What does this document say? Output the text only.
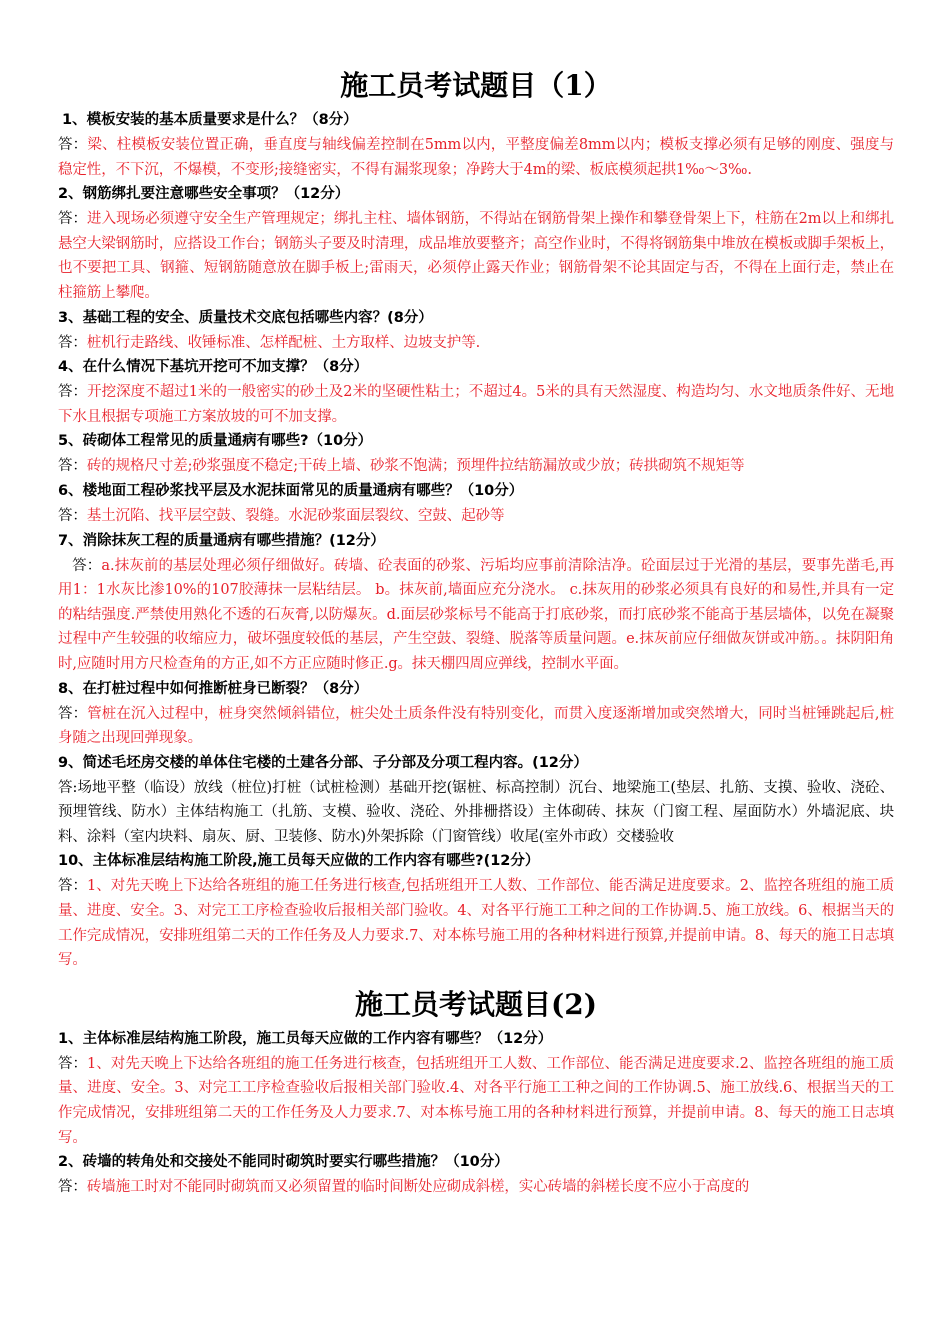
施工员考试题目（1）
1、模板安装的基本质量要求是什么？（8分）
答：梁、柱模板安装位置正确，垂直度与轴线偏差控制在5mm以内，平整度偏差8mm以内；模板支撑必须有足够的刚度、强度与稳定性，不下沉，不爆模，不变形;接缝密实，不得有漏浆现象；净跨大于4m的梁、板底模须起拱1‰～3‰.
2、钢筋绑扎要注意哪些安全事项？（12分）
答：进入现场必须遵守安全生产管理规定；绑扎主柱、墙体钢筋，不得站在钢筋骨架上操作和攀登骨架上下，柱筋在2m以上和绑扎悬空大梁钢筋时，应搭设工作台；钢筋头子要及时清理，成品堆放要整齐；高空作业时，不得将钢筋集中堆放在模板或脚手架板上，也不要把工具、钢箍、短钢筋随意放在脚手板上;雷雨天，必须停止露天作业；钢筋骨架不论其固定与否，不得在上面行走，禁止在柱箍筋上攀爬。
3、基础工程的安全、质量技术交底包括哪些内容？(8分）
答：桩机行走路线、收锤标准、怎样配桩、土方取样、边坡支护等.
4、在什么情况下基坑开挖可不加支撑？（8分）
答：开挖深度不超过1米的一般密实的砂土及2米的坚硬性粘土；不超过4。5米的具有天然湿度、构造均匀、水文地质条件好、无地下水且根据专项施工方案放坡的可不加支撑。
5、砖砌体工程常见的质量通病有哪些?（10分）
答：砖的规格尺寸差;砂浆强度不稳定;干砖上墙、砂浆不饱满；预埋件拉结筋漏放或少放；砖拱砌筑不规矩等
6、楼地面工程砂浆找平层及水泥抹面常见的质量通病有哪些？（10分）
答：基土沉陷、找平层空鼓、裂缝。水泥砂浆面层裂纹、空鼓、起砂等
7、消除抹灰工程的质量通病有哪些措施？(12分）
答：a.抹灰前的基层处理必须仔细做好。砖墙、砼表面的砂浆、污垢均应事前清除洁净。砼面层过于光滑的基层，要事先凿毛,再用1：1水灰比渗10%的107胶薄抹一层粘结层。 b。抹灰前,墙面应充分浇水。 c.抹灰用的砂浆必须具有良好的和易性,并具有一定的粘结强度.严禁使用熟化不透的石灰膏,以防爆灰。d.面层砂浆标号不能高于打底砂浆，而打底砂浆不能高于基层墙体，以免在凝聚过程中产生较强的收缩应力，破坏强度较低的基层，产生空鼓、裂缝、脱落等质量问题。e.抹灰前应仔细做灰饼或冲筋。。抹阴阳角时,应随时用方尺检查角的方正,如不方正应随时修正.g。抹天棚四周应弹线，控制水平面。
8、在打桩过程中如何推断桩身已断裂？（8分）
答：管桩在沉入过程中，桩身突然倾斜错位，桩尖处土质条件没有特别变化，而贯入度逐渐增加或突然增大，同时当桩锤跳起后,桩身随之出现回弹现象。
9、简述毛坯房交楼的单体住宅楼的土建各分部、子分部及分项工程内容。(12分）
答:场地平整（临设）放线（桩位)打桩（试桩检测）基础开挖(锯桩、标高控制）沉台、地梁施工(垫层、扎筋、支摸、验收、浇砼、预埋管线、防水）主体结构施工（扎筋、支模、验收、浇砼、外排栅搭设）主体砌砖、抹灰（门窗工程、屋面防水）外墙泥底、块料、涂料（室内块料、扇灰、厨、卫装修、防水)外架拆除（门窗管线）收尾(室外市政）交楼验收
10、主体标准层结构施工阶段,施工员每天应做的工作内容有哪些?(12分）
答：1、对先天晚上下达给各班组的施工任务进行核查,包括班组开工人数、工作部位、能否满足进度要求。2、监控各班组的施工质量、进度、安全。3、对完工工序检查验收后报相关部门验收。4、对各平行施工工种之间的工作协调.5、施工放线。6、根据当天的工作完成情况，安排班组第二天的工作任务及人力要求.7、对本栋号施工用的各种材料进行预算,并提前申请。8、每天的施工日志填写。
施工员考试题目(2)
1、主体标准层结构施工阶段，施工员每天应做的工作内容有哪些？（12分）
答：1、对先天晚上下达给各班组的施工任务进行核查，包括班组开工人数、工作部位、能否满足进度要求.2、监控各班组的施工质量、进度、安全。3、对完工工序检查验收后报相关部门验收.4、对各平行施工工种之间的工作协调.5、施工放线.6、根据当天的工作完成情况，安排班组第二天的工作任务及人力要求.7、对本栋号施工用的各种材料进行预算，并提前申请。8、每天的施工日志填写。
2、砖墙的转角处和交接处不能同时砌筑时要实行哪些措施？（10分）
答：砖墙施工时对不能同时砌筑而又必须留置的临时间断处应砌成斜槎，实心砖墙的斜槎长度不应小于高度的
